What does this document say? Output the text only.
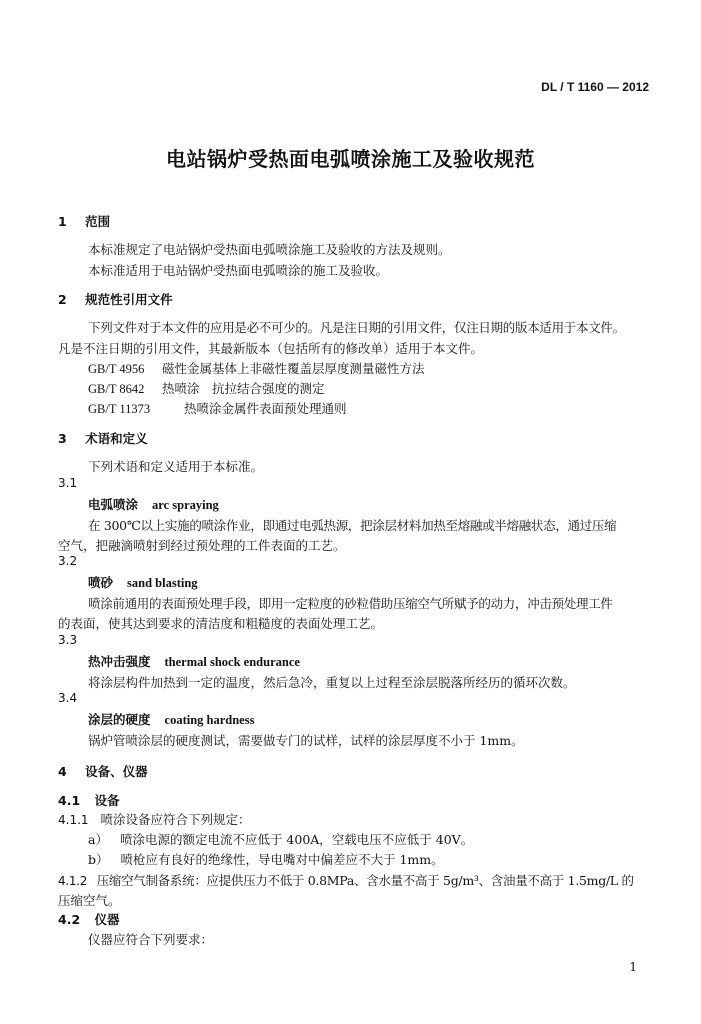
DL / T 1160 — 2012
电站锅炉受热面电弧喷涂施工及验收规范
1 范围
本标准规定了电站锅炉受热面电弧喷涂施工及验收的方法及规则。
本标准适用于电站锅炉受热面电弧喷涂的施工及验收。
2 规范性引用文件
下列文件对于本文件的应用是必不可少的。凡是注日期的引用文件，仅注日期的版本适用于本文件。
凡是不注日期的引用文件，其最新版本（包括所有的修改单）适用于本文件。
GB/T 4956 磁性金属基体上非磁性覆盖层厚度测量磁性方法
GB/T 8642 热喷涂　抗拉结合强度的测定
GB/T 11373	热喷涂金属件表面预处理通则
3 术语和定义
下列术语和定义适用于本标准。
3.1
电弧喷涂 arc spraying
在 300℃以上实施的喷涂作业，即通过电弧热源，把涂层材料加热至熔融或半熔融状态，通过压缩
空气，把融滴喷射到经过预处理的工件表面的工艺。
3.2
喷砂 sand blasting
喷涂前通用的表面预处理手段，即用一定粒度的砂粒借助压缩空气所赋予的动力，冲击预处理工件
的表面，使其达到要求的清洁度和粗糙度的表面处理工艺。
3.3
热冲击强度 thermal shock endurance
将涂层构件加热到一定的温度，然后急冷，重复以上过程至涂层脱落所经历的循环次数。
3.4
涂层的硬度 coating hardness
锅炉管喷涂层的硬度测试，需要做专门的试样，试样的涂层厚度不小于 1mm。
4 设备、仪器
4.1 设备
4.1.1 喷涂设备应符合下列规定：
a） 喷涂电源的额定电流不应低于 400A，空载电压不应低于 40V。
b） 喷枪应有良好的绝缘性，导电嘴对中偏差应不大于 1mm。
4.1.2 压缩空气制备系统：应提供压力不低于 0.8MPa、含水量不高于 5g/m³、含油量不高于 1.5mg/L 的
压缩空气。
4.2 仪器
仪器应符合下列要求：
1
